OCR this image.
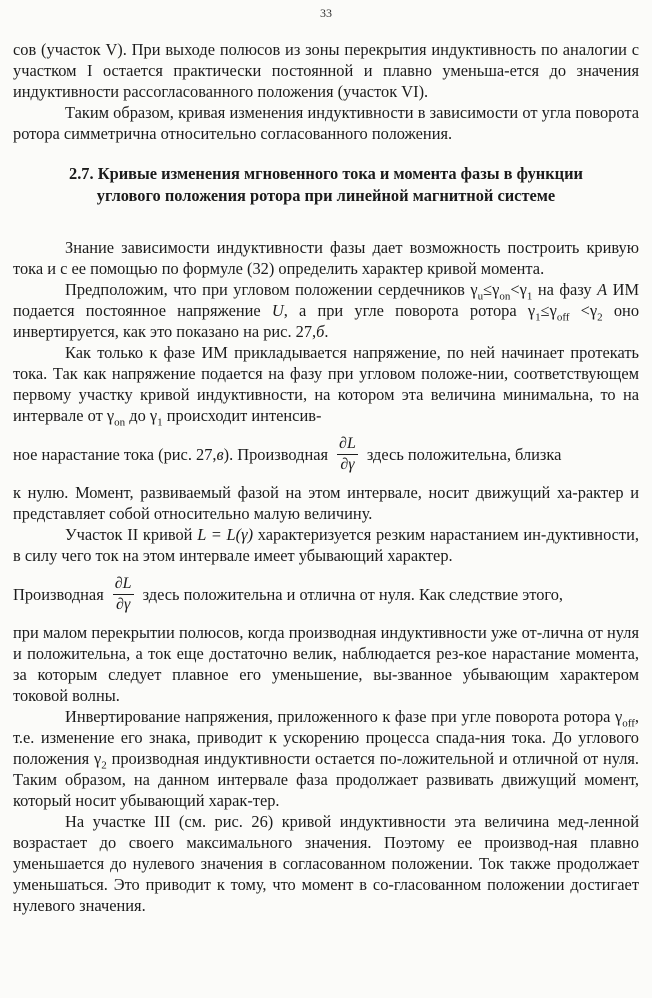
33

сов (участок V). При выходе полюсов из зоны перекрытия индуктивность по аналогии с участком I остается практически постоянной и плавно уменьша-ется до значения индуктивности рассогласованного положения (участок VI).

Таким образом, кривая изменения индуктивности в зависимости от угла поворота ротора симметрична относительно согласованного положения.

2.7. Кривые изменения мгновенного тока и момента фазы в функции
углового положения ротора при линейной магнитной системе

Знание зависимости индуктивности фазы дает возможность построить кривую тока и с ее помощью по формуле (32) определить характер кривой момента.

Предположим, что при угловом положении сердечников $\gamma_u\le\gamma_{on}<\gamma_1$ на фазу A ИМ подается постоянное напряжение U, а при угле поворота ротора $\gamma_1\le\gamma_{off} <\gamma_2$ оно инвертируется, как это показано на рис. 27,б.

Как только к фазе ИМ прикладывается напряжение, по ней начинает протекать тока. Так как напряжение подается на фазу при угловом положе-нии, соответствующем первому участку кривой индуктивности, на котором эта величина минимальна, то на интервале от $\gamma_{on}$ до $\gamma_1$ происходит интенсив-

ное нарастание тока (рис. 27,в). Производная $\frac{\partial L}{\partial\gamma}$ здесь положительна, близка

к нулю. Момент, развиваемый фазой на этом интервале, носит движущий ха-рактер и представляет собой относительно малую величину.

Участок II кривой L = L(γ) характеризуется резким нарастанием ин-дуктивности, в силу чего ток на этом интервале имеет убывающий характер.

Производная $\frac{\partial L}{\partial\gamma}$ здесь положительна и отлична от нуля. Как следствие этого,

при малом перекрытии полюсов, когда производная индуктивности уже от-лична от нуля и положительна, а ток еще достаточно велик, наблюдается рез-кое нарастание момента, за которым следует плавное его уменьшение, вы-званное убывающим характером токовой волны.

Инвертирование напряжения, приложенного к фазе при угле поворота ротора $\gamma_{off}$, т.е. изменение его знака, приводит к ускорению процесса спада-ния тока. До углового положения $\gamma_2$ производная индуктивности остается по-ложительной и отличной от нуля. Таким образом, на данном интервале фаза продолжает развивать движущий момент, который носит убывающий харак-тер.

На участке III (см. рис. 26) кривой индуктивности эта величина мед-ленной возрастает до своего максимального значения. Поэтому ее производ-ная плавно уменьшается до нулевого значения в согласованном положении. Ток также продолжает уменьшаться. Это приводит к тому, что момент в со-гласованном положении достигает нулевого значения.
